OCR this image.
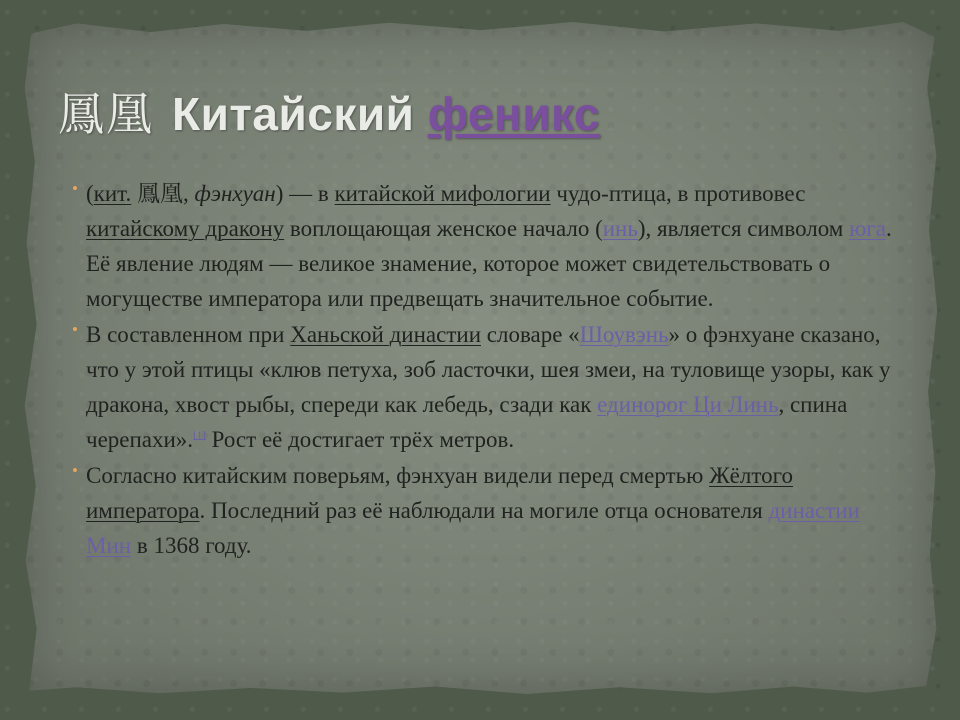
鳳凰 Китайский феникс

• (кит. 鳳凰, фэнхуан) — в китайской мифологии чудо-птица, в противовес китайскому дракону воплощающая женское начало (инь), является символом юга. Её явление людям — великое знамение, которое может свидетельствовать о могуществе императора или предвещать значительное событие.

• В составленном при Ханьской династии словаре «Шоувэнь» о фэнхуане сказано, что у этой птицы «клюв петуха, зоб ласточки, шея змеи, на туловище узоры, как у дракона, хвост рыбы, спереди как лебедь, сзади как единорог Ци Линь, спина черепахи».[1] Рост её достигает трёх метров.

• Согласно китайским поверьям, фэнхуан видели перед смертью Жёлтого императора. Последний раз её наблюдали на могиле отца основателя династии Мин в 1368 году.
